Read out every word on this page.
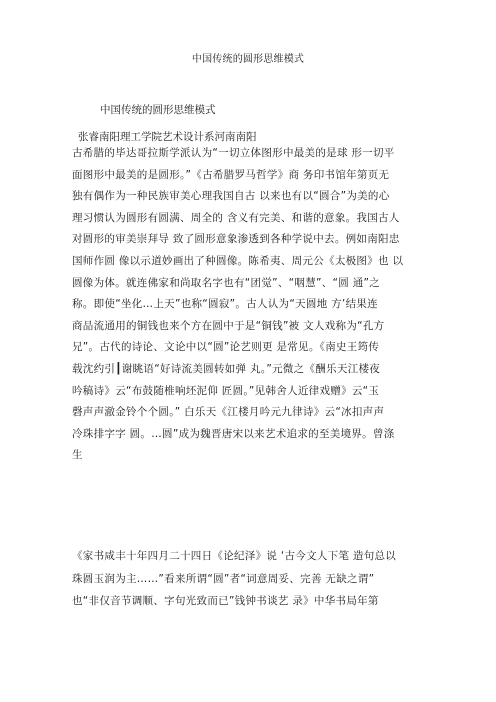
中国传统的圆形思维模式
中国传统的圆形思维模式
张睿南阳理工学院艺术设计系河南南阳
古希腊的毕达哥拉斯学派认为“一切立体图形中最美的是球 形一切平
面图形中最美的是圆形。”《古希腊罗马哲学》商 务印书馆年第页无
独有偶作为一种民族审美心理我国自古 以来也有以“圆合”为美的心
理习惯认为圆形有圆满、周全的 含义有完美、和谐的意象。我国古人
对圆形的审美崇拜导 致了圆形意象渗透到各种学说中去。例如南阳忠
国师作圆 像以示道妙画出了种圆像。陈希夷、周元公《太极图》也 以
圆像为体。就连佛家和尚取名字也有“团觉”、“咽慧”、“圆 通”之
称。即使“坐化…上天”也称“圆寂”。古人认为“天圆地 方’结果连
商品流通用的铜钱也来个方在圆中于是“铜钱”被 文人戏称为“孔方
兄”。古代的诗论、文论中以“圆”论艺则更 是常见。《南史王筠传
载沈约引┃谢眺语“好诗流美圆转如弹 丸。”元微之《酬乐天江楼夜
吟稿诗》云“布鼓随椎响坯泥仰 匠圆。”见韩舍人近律戏赠》云“玉
磬声声澈金铃个个圆。” 白乐天《江楼月吟元九律诗》云“冰扣声声
冷珠排字字 圆。…圆”成为魏晋唐宋以来艺术追求的至美境界。曾涤
生
《家书咸丰十年四月二十四日《论纪泽》说 ‘古今文人下笔 造句总以
珠圆玉润为主……”看来所谓“圆”者“词意周妥、完善 无缺之谓”
也“非仅音节调顺、字句光致而已”钱钟书谈艺 录》中华书局年第
